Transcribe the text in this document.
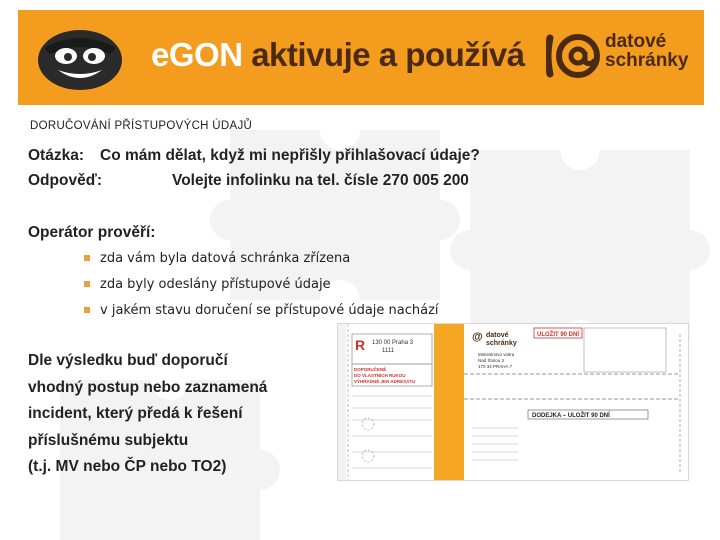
eGON aktivuje a používá	datové
schránky
DORUČOVÁNÍ PŘÍSTUPOVÝCH ÚDAJŮ
Otázka: Co mám dělat, když mi nepřišly přihlašovací údaje?
Odpověď:	Volejte infolinku na tel. čísle 270 005 200
Operátor prověří:
zda vám byla datová schránka zřízena
zda byly odeslány přístupové údaje
v jakém stavu doručení se přístupové údaje nachází
Dle výsledku buď doporučí
vhodný postup nebo zaznamená
incident, který předá k řešení
příslušnému subjektu
(t.j. MV nebo ČP nebo TO2)
R 130 00 Praha 3
1111
DOPORUČENĚ
DO VLASTNÍCH RUKOU
VÝHRADNĚ JEN ADRESÁTU
@ datové
schránky
ULOŽIT 90 DNÍ
Ministerstvo vnitra
Nad Štolou 3
170 34 PRAHA 7
DODEJKA – ULOŽIT 90 DNÍ
